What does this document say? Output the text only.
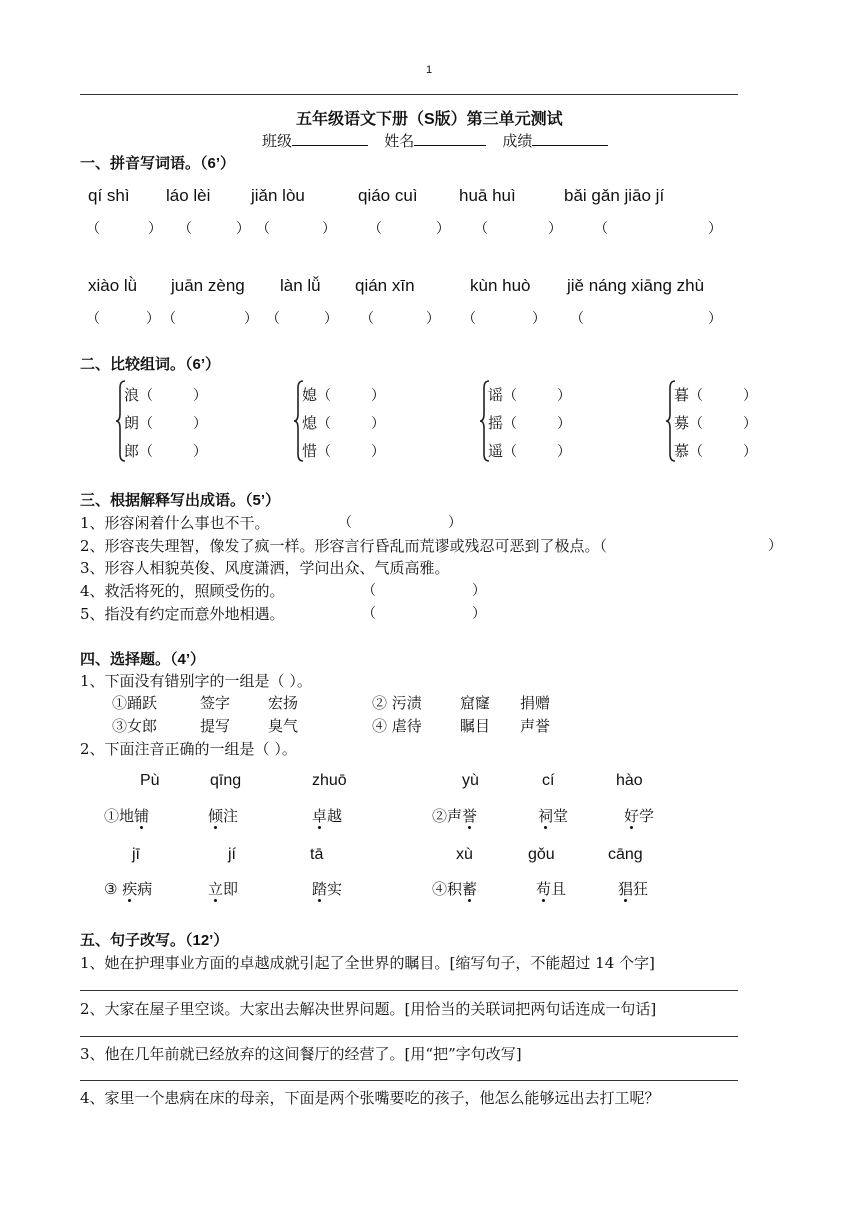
1
五年级语文下册（S版）第三单元测试
班级	姓名	成绩
一、拼音写词语。（6’）
qí shì láo lèi jiǎn lòu	qiáo cuì huā huì	bǎi gǎn jiāo jí
（	） （	） （	） （	） （	） （	）
xiào lǜ juān zèng làn lǚ qián xīn	kùn huò jiě náng xiāng zhù
（	） （	） （	） （	） （	） （	）
二、比较组词。（6’）
浪（	）
朗（	）
郎（	）
媳（	）
熄（	）
惜（	）
谣（	）
摇（	）
遥（	）
暮（	）
募（	）
慕（	）
三、根据解释写出成语。（5’）
1、形容闲着什么事也不干。	（	）
2、形容丧失理智，像发了疯一样。形容言行昏乱而荒谬或残忍可恶到了极点。（	）
3、形容人相貌英俊、风度潇洒，学问出众、气质高雅。
4、救活将死的，照顾受伤的。	（	）
5、指没有约定而意外地相遇。	（	）
四、选择题。（4’）
1、下面没有错别字的一组是（ ）。
①踊跃	签字	宏扬	② 污渍	窟窿 捐赠
③女郎	提写	臭气	④ 虐待	瞩目 声誉
2、下面注音正确的一组是（ ）。
Pù	qīng	zhuō	yù	cí	hào
①地铺	倾注	卓越	②声誉	祠堂	好学
jī	jí	tā	xù	gǒu	cāng
③ 疾病	立即	踏实	④积蓄	苟且	猖狂
五、句子改写。（12’）
1、她在护理事业方面的卓越成就引起了全世界的瞩目。[缩写句子，不能超过 14 个字]
2、大家在屋子里空谈。大家出去解决世界问题。[用恰当的关联词把两句话连成一句话]
3、他在几年前就已经放弃的这间餐厅的经营了。[用“把”字句改写]
4、家里一个患病在床的母亲，下面是两个张嘴要吃的孩子，他怎么能够远出去打工呢？
